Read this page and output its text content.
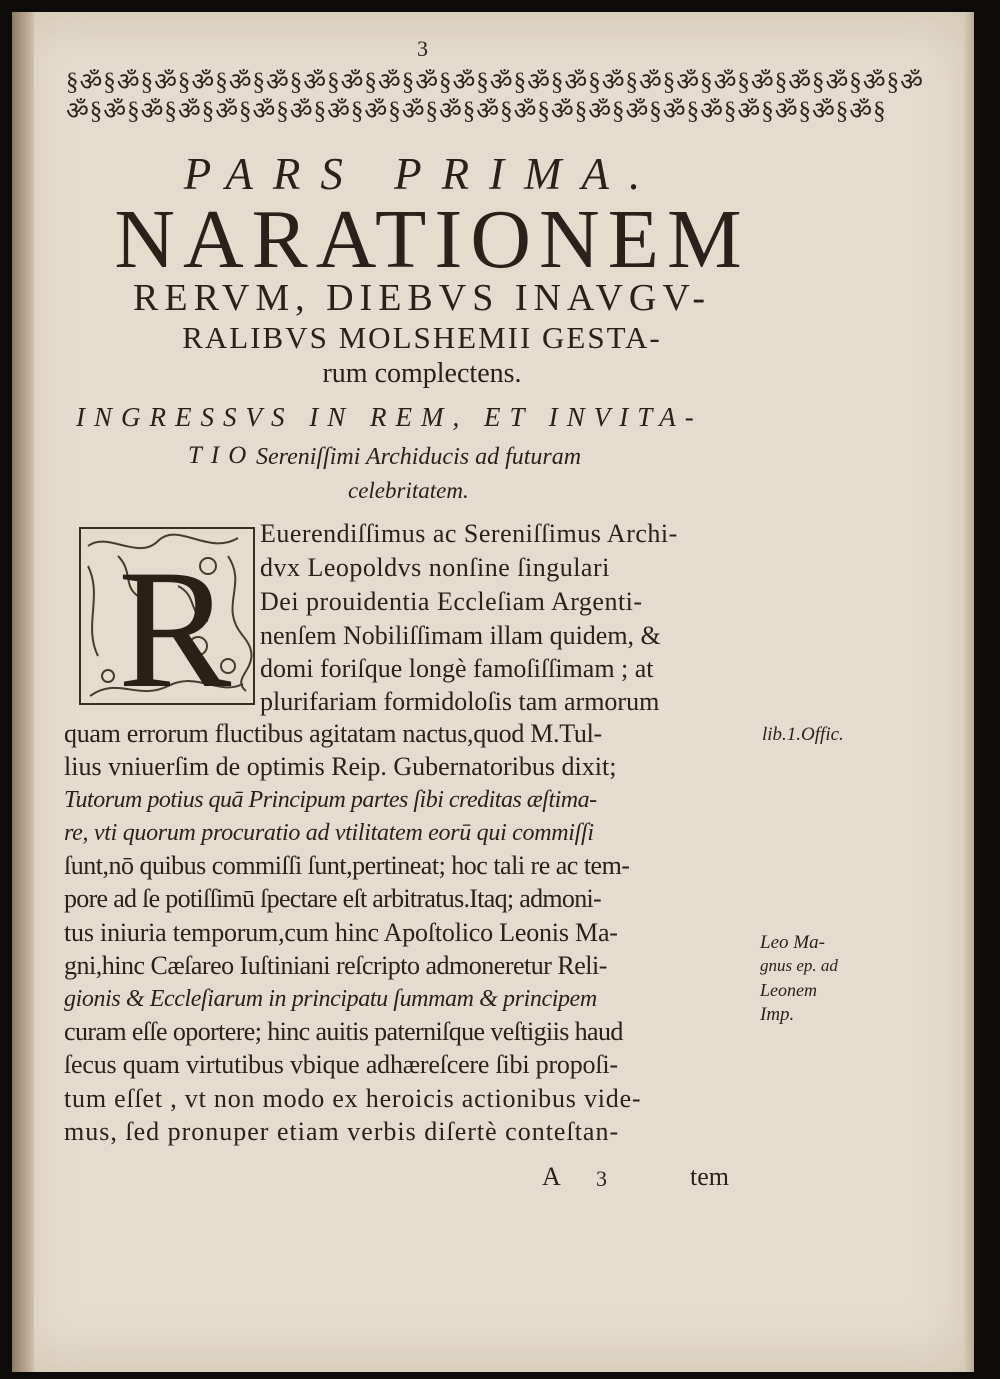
3
§ॐ§ॐ§ॐ§ॐ§ॐ§ॐ§ॐ§ॐ§ॐ§ॐ§ॐ§ॐ§ॐ§ॐ§ॐ§ॐ§ॐ§ॐ§ॐ§ॐ§ॐ§ॐ§ॐ
ॐ§ॐ§ॐ§ॐ§ॐ§ॐ§ॐ§ॐ§ॐ§ॐ§ॐ§ॐ§ॐ§ॐ§ॐ§ॐ§ॐ§ॐ§ॐ§ॐ§ॐ§ॐ§
PARS PRIMA.
NARATIONEM
RERVM, DIEBVS INAVGV-
RALIBVS MOLSHEMII GESTA-
rum complectens.
INGRESSVS IN REM, ET INVITA-
TIO Sereniſſimi Archiducis ad futuram
celebritatem.
R
Euerendiſſimus ac Sereniſſimus Archi-
dvx Leopoldvs nonſine ſingulari
Dei prouidentia Eccleſiam Argenti-
nenſem Nobiliſſimam illam quidem, &
domi foriſque longè famoſiſſimam ; at
plurifariam formidoloſis tam armorum
quam errorum fluctibus agitatam nactus,quod M.Tul-
lius vniuerſim de optimis Reip. Gubernatoribus dixit;
Tutorum potius quā Principum partes ſibi creditas æſtima-
re, vti quorum procuratio ad vtilitatem eorū qui commiſſi
ſunt,nō quibus commiſſi ſunt,pertineat; hoc tali re ac tem-
pore ad ſe potiſſimū ſpectare eſt arbitratus.Itaq; admoni-
tus iniuria temporum,cum hinc Apoſtolico Leonis Ma-
gni,hinc Cæſareo Iuſtiniani reſcripto admoneretur Reli-
gionis & Eccleſiarum in principatu ſummam & principem
curam eſſe oportere; hinc auitis paterniſque veſtigiis haud
ſecus quam virtutibus vbique adhæreſcere ſibi propoſi-
tum eſſet , vt non modo ex heroicis actionibus vide-
mus, ſed pronuper etiam verbis diſertè conteſtan-
lib.1.Offic.
Leo Ma-
gnus ep. ad
Leonem
Imp.
A 3	tem
